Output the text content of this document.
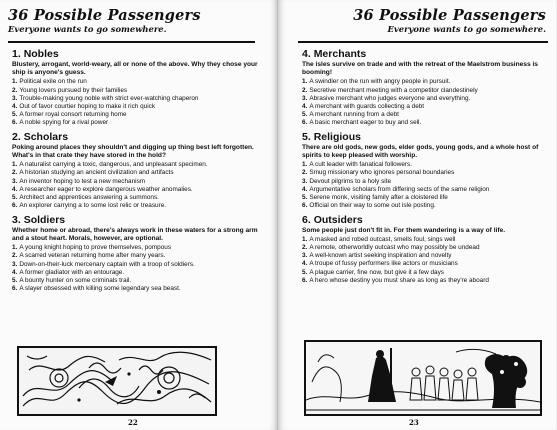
36 Possible Passengers
Everyone wants to go somewhere.
1. Nobles

Blustery, arrogant, world-weary, all or none of the above. Why they chose your ship is anyone's guess.

1. Political exile on the run
2. Young lovers pursued by their families
3. Trouble-making young noble with strict ever-watching chaperon
4. Out of favor courtier hoping to make it rich quick
5. A former royal consort returning home
6. A noble spying for a rival power
2. Scholars

Poking around places they shouldn't and digging up thing best left forgotten. What's in that crate they have stored in the hold?

1. A naturalist carrying a toxic, dangerous, and unpleasant specimen.
2. A historian studying an ancient civilization and artifacts
3. An inventor hoping to test a new mechanism
4. A researcher eager to explore dangerous weather anomalies.
5. Architect and apprentices answering a summons.
6. An explorer carrying a to some lost relic or treasure.
3. Soldiers

Whether home or abroad, there's always work in these waters for a strong arm and a stout heart. Morals, however, are optional.

1. A young knight hoping to prove themselves, pompous
2. A scarred veteran returning home after many years.
3. Down-on-their-luck mercenary captain with a troop of soldiers.
4. A former gladiator with an entourage.
5. A bounty hunter on some criminals trail.
6. A slayer obsessed with killing some legendary sea beast.
22
36 Possible Passengers
Everyone wants to go somewhere.
4. Merchants

The isles survive on trade and with the retreat of the Maelstrom business is booming!

1. A swindler on the run with angry people in pursuit.
2. Secretive merchant meeting with a competitor clandestinely
3. Abrasive merchant who judges everyone and everything.
4. A merchant with guards collecting a debt
5. A merchant running from a debt
6. A basic merchant eager to buy and sell.
5. Religious

There are old gods, new gods, elder gods, young gods, and a whole host of spirits to keep pleased with worship.

1. A cult leader with fanatical followers.
2. Smug missionary who ignores personal boundaries
3. Devout pilgrims to a holy site
4. Argumentative scholars from differing sects of the same religion
5. Serene monk, visiting family after a cloistered life
6. Official on their way to some out isle posting.
6. Outsiders

Some people just don't fit in. For them wandering is a way of life.

1. A masked and robed outcast, smells foul, sings well
2. A remote, otherworldly outcast who may possibly be undead
3. A well-known artist seeking inspiration and novelty
4. A troupe of fussy performers like actors or musicians
5. A plague carrier, fine now, but give it a few days
6. A hero whose destiny you must share as long as they're aboard
23
